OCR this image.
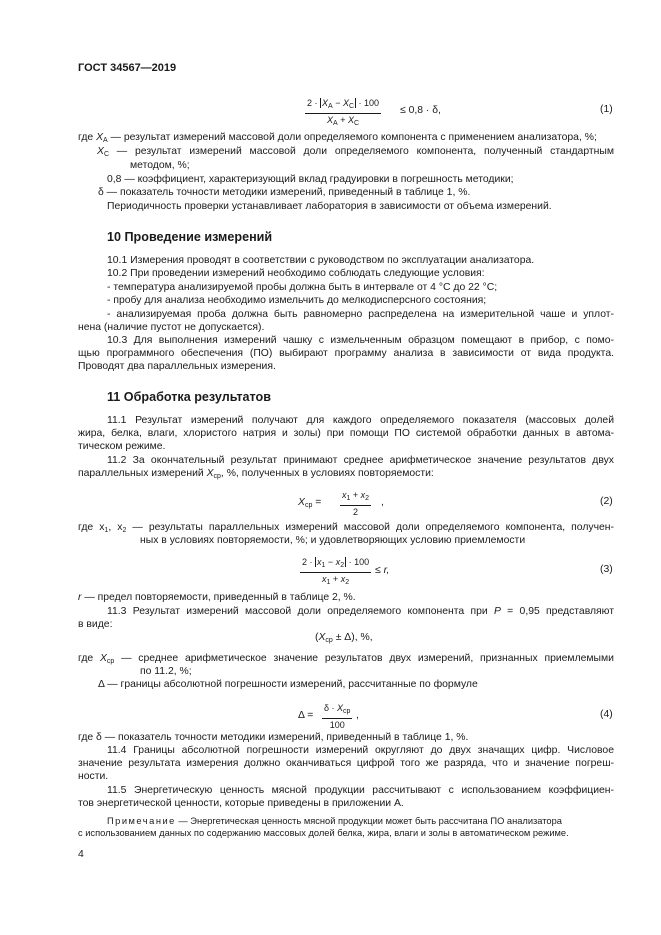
ГОСТ 34567—2019
$\frac{2 \cdot X_A - X_C \cdot 100}{X_A + X_C} \le 0,8 \cdot \delta$,	(1)
где $X_A$ — результат измерений массовой доли определяемого компонента с применением анализатора, %;
$X_C$ — результат измерений массовой доли определяемого компонента, полученный стандартным
методом, %;
0,8 — коэффициент, характеризующий вклад градуировки в погрешность методики;
δ — показатель точности методики измерений, приведенный в таблице 1, %.
Периодичность проверки устанавливает лаборатория в зависимости от объема измерений.
10 Проведение измерений
10.1 Измерения проводят в соответствии с руководством по эксплуатации анализатора.
10.2 При проведении измерений необходимо соблюдать следующие условия:
- температура анализируемой пробы должна быть в интервале от 4 °С до 22 °С;
- пробу для анализа необходимо измельчить до мелкодисперсного состояния;
- анализируемая проба должна быть равномерно распределена на измерительной чаше и уплот-
нена (наличие пустот не допускается).
10.3 Для выполнения измерений чашку с измельченным образцом помещают в прибор, с помо-
щью программного обеспечения (ПО) выбирают программу анализа в зависимости от вида продукта.
Проводят два параллельных измерения.
11 Обработка результатов
11.1 Результат измерений получают для каждого определяемого показателя (массовых долей
жира, белка, влаги, хлористого натрия и золы) при помощи ПО системой обработки данных в автома-
тическом режиме.
11.2 За окончательный результат принимают среднее арифметическое значение результатов двух
параллельных измерений $X_{ср}$, %, полученных в условиях повторяемости:
$X_{ср} = \frac{x_1 + x_2}{2}$ ,	(2)
где $x_1$, $x_2$ — результаты параллельных измерений массовой доли определяемого компонента, получен-
ных в условиях повторяемости, %; и удовлетворяющих условию приемлемости
$\frac{2 \cdot x_1 - x_2 \cdot 100}{x_1 + x_2} \le r$,	(3)
r — предел повторяемости, приведенный в таблице 2, %.
11.3 Результат измерений массовой доли определяемого компонента при P = 0,95 представляют
в виде:
$(X_{ср} \pm \Delta)$, %,
где $X_{ср}$ — среднее арифметическое значение результатов двух измерений, признанных приемлемыми
по 11.2, %;
Δ — границы абсолютной погрешности измерений, рассчитанные по формуле
Δ =
$\delta \cdot X_{ср}$
100
,	(4)
где δ — показатель точности методики измерений, приведенный в таблице 1, %.
11.4 Границы абсолютной погрешности измерений округляют до двух значащих цифр. Числовое
значение результата измерения должно оканчиваться цифрой того же разряда, что и значение погреш-
ности.
11.5 Энергетическую ценность мясной продукции рассчитывают с использованием коэффициен-
тов энергетической ценности, которые приведены в приложении А.
Примечание — Энергетическая ценность мясной продукции может быть рассчитана ПО анализатора
с использованием данных по содержанию массовых долей белка, жира, влаги и золы в автоматическом режиме.
4
